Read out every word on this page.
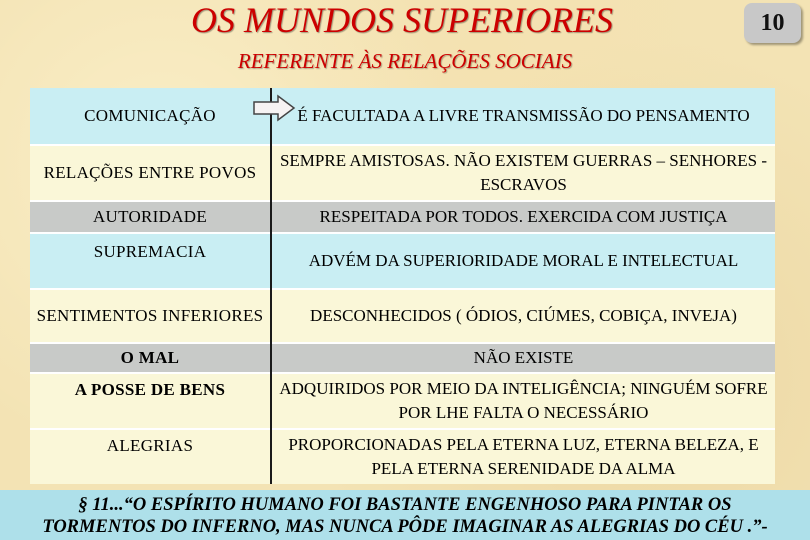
OS MUNDOS SUPERIORES
REFERENTE ÀS RELAÇÕES SOCIAIS
10
COMUNICAÇÃO	É FACULTADA A LIVRE TRANSMISSÃO DO PENSAMENTO
RELAÇÕES ENTRE POVOS	SEMPRE AMISTOSAS. NÃO EXISTEM GUERRAS – SENHORES - ESCRAVOS
AUTORIDADE	RESPEITADA POR TODOS. EXERCIDA COM JUSTIÇA
SUPREMACIA	ADVÉM DA SUPERIORIDADE MORAL E INTELECTUAL
SENTIMENTOS INFERIORES	DESCONHECIDOS ( ÓDIOS, CIÚMES, COBIÇA, INVEJA)
O MAL	NÃO EXISTE
A POSSE DE BENS	ADQUIRIDOS POR MEIO DA INTELIGÊNCIA; NINGUÉM SOFRE POR LHE FALTA O NECESSÁRIO
ALEGRIAS	PROPORCIONADAS PELA ETERNA LUZ, ETERNA BELEZA, E PELA ETERNA SERENIDADE DA ALMA
§ 11...“O ESPÍRITO HUMANO FOI BASTANTE ENGENHOSO PARA PINTAR OS
TORMENTOS DO INFERNO, MAS NUNCA PÔDE IMAGINAR AS ALEGRIAS DO CÉU .”-
